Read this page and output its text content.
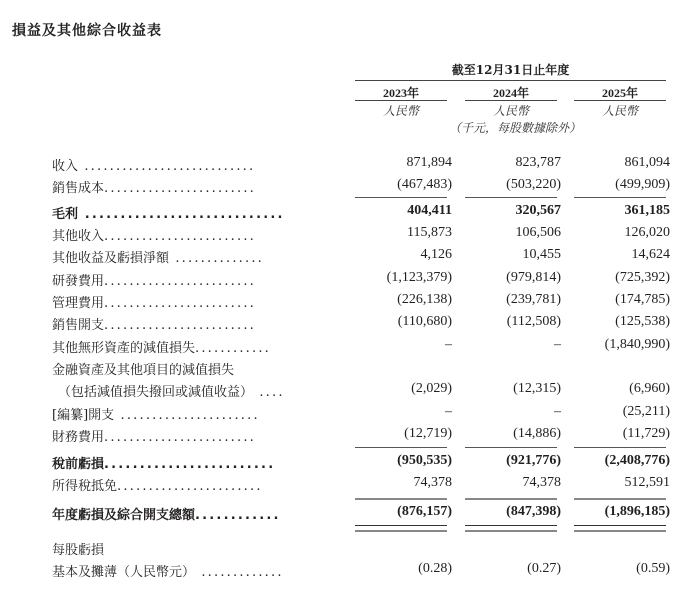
損益及其他綜合收益表
截至12月31日止年度
2023年	2024年	2025年
人民幣	人民幣	人民幣
（千元，每股數據除外）
收入 ...........................	871,894	823,787	861,094
銷售成本........................	(467,483)	(503,220)	(499,909)
毛利 ............................	404,411	320,567	361,185
其他收入........................	115,873	106,506	126,020
其他收益及虧損淨額 ..............	4,126	10,455	14,624
研發費用........................	(1,123,379)	(979,814)	(725,392)
管理費用........................	(226,138)	(239,781)	(174,785)
銷售開支........................	(110,680)	(112,508)	(125,538)
其他無形資產的減值損失............	–	–	(1,840,990)
金融資產及其他項目的減值損失
（包括減值損失撥回或減值收益） ....	(2,029)	(12,315)	(6,960)
[編纂]開支 ......................	–	–	(25,211)
財務費用........................	(12,719)	(14,886)	(11,729)
稅前虧損........................	(950,535)	(921,776)	(2,408,776)
所得稅抵免.......................	74,378	74,378	512,591
年度虧損及綜合開支總額............	(876,157)	(847,398)	(1,896,185)
每股虧損
基本及攤薄（人民幣元） .............	(0.28)	(0.27)	(0.59)
